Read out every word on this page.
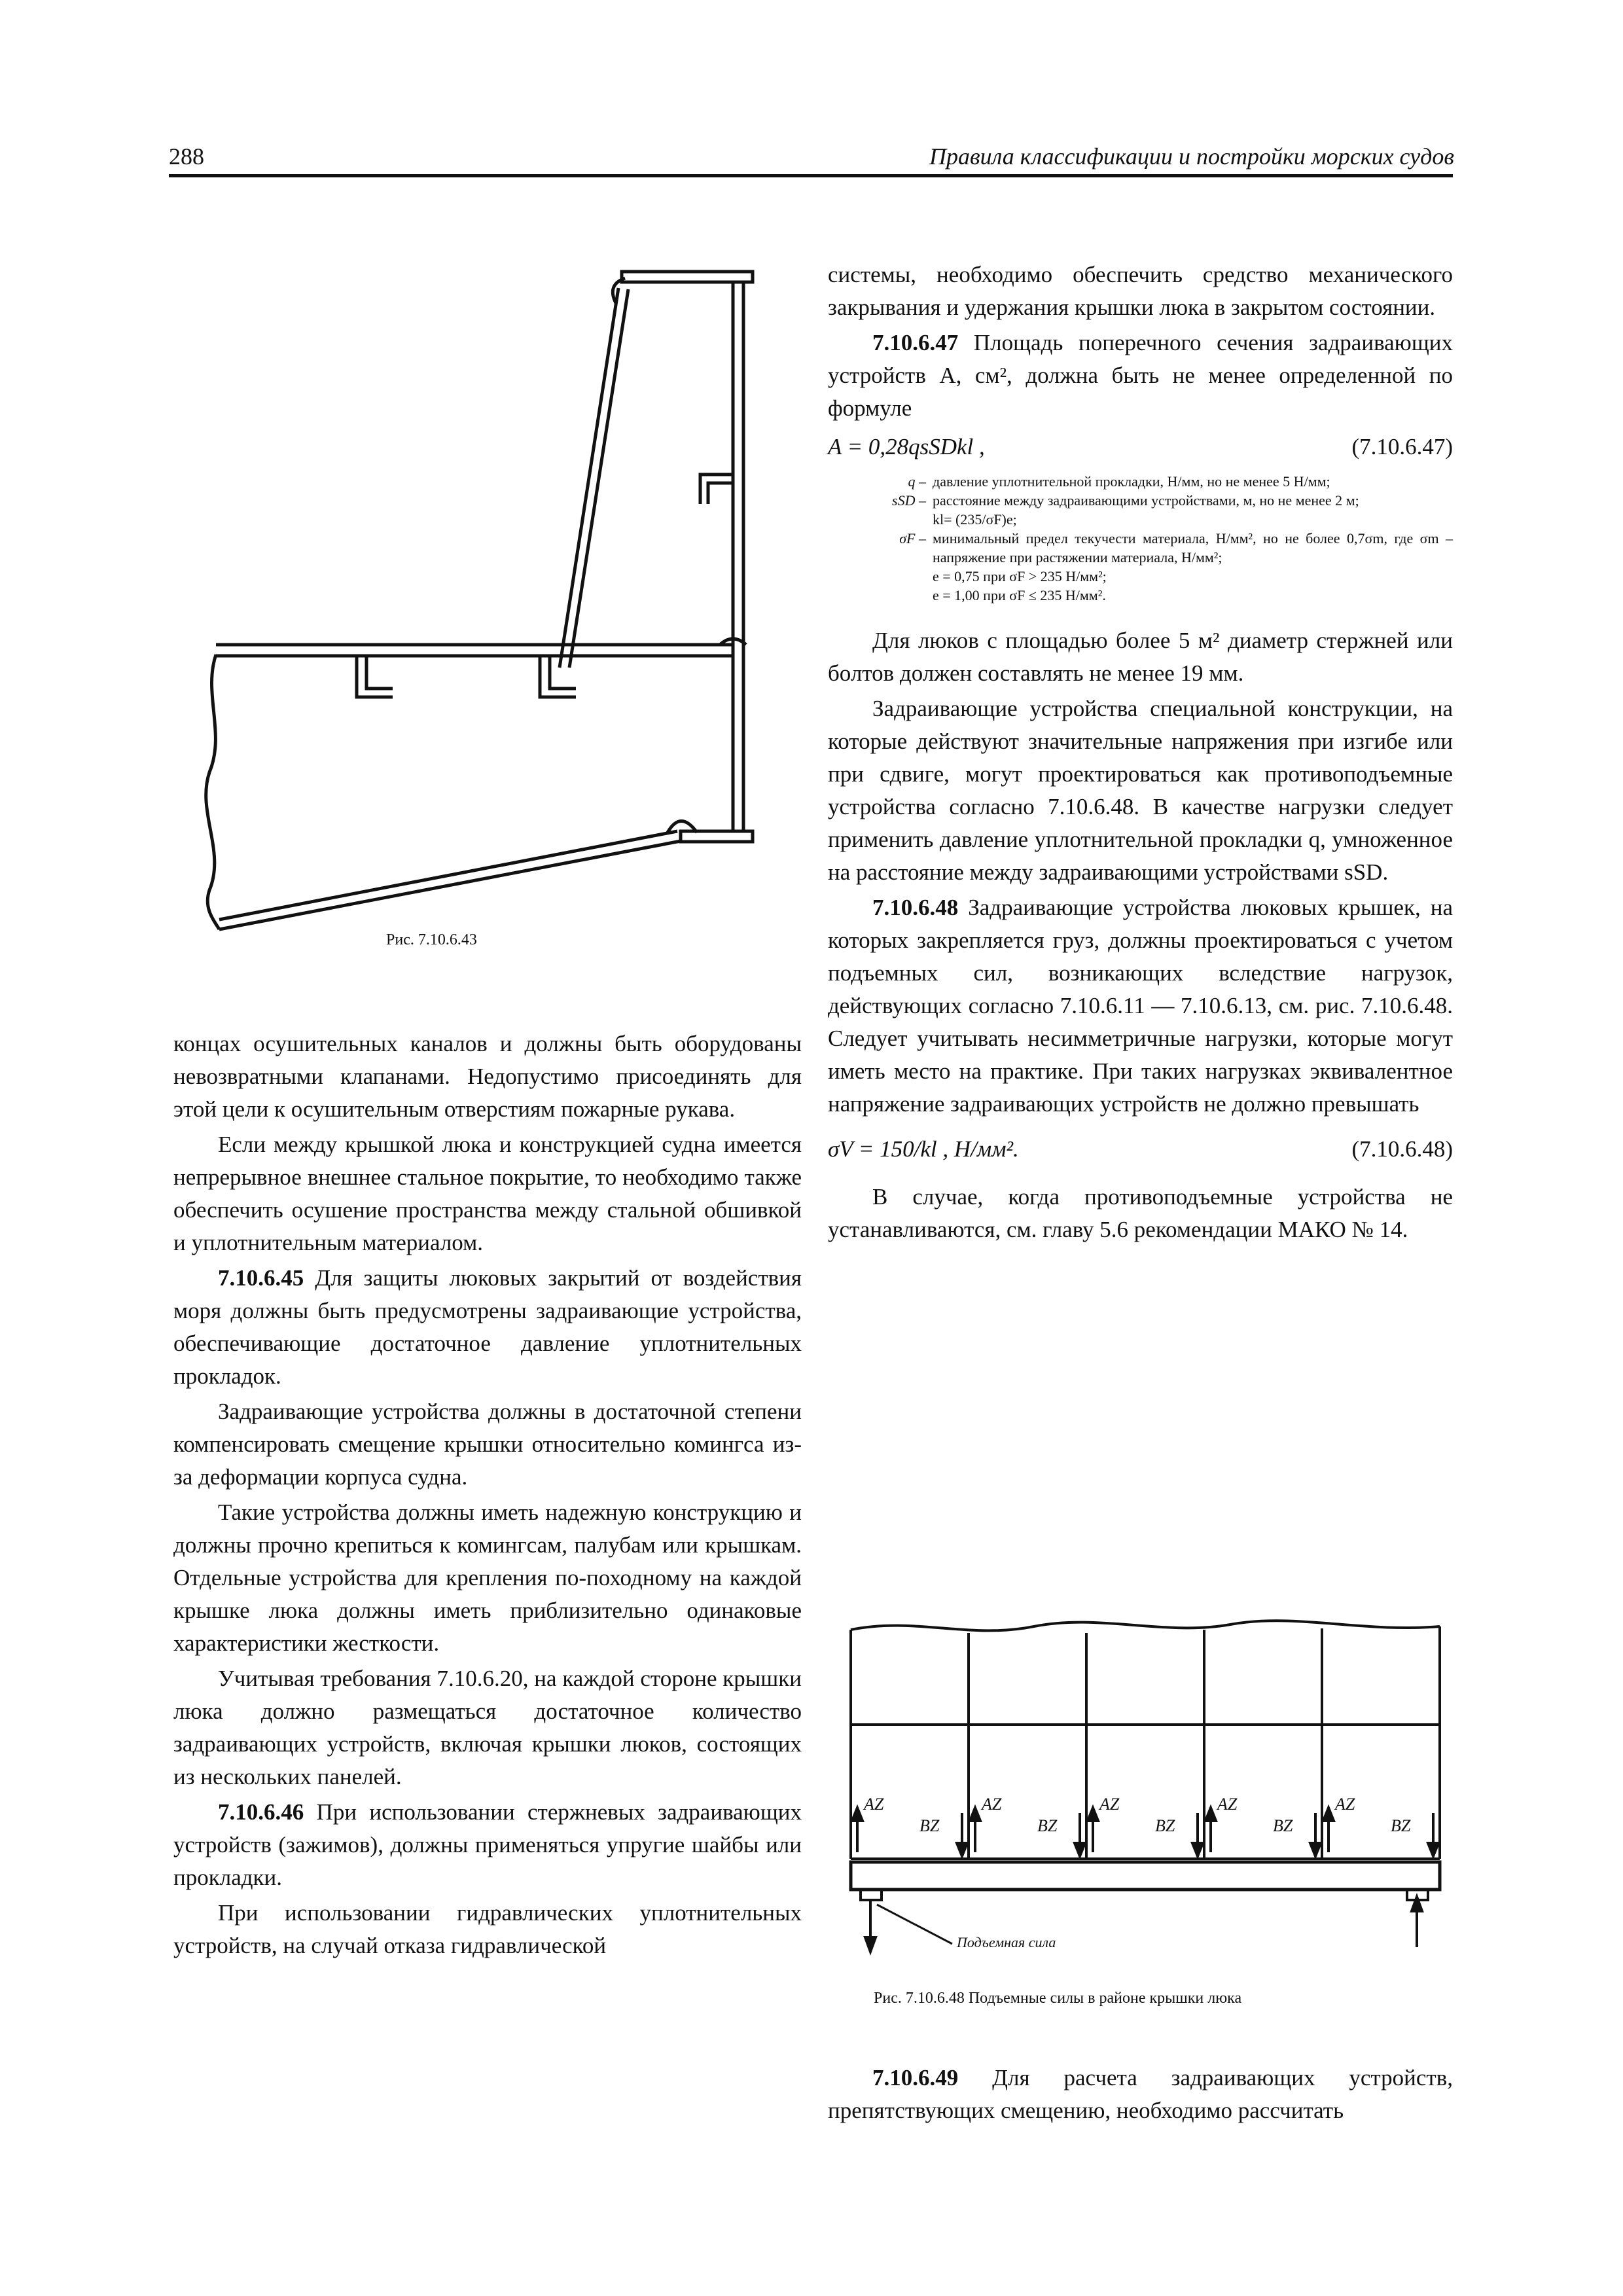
288	Правила классификации и постройки морских судов
Рис. 7.10.6.43

концах осушительных каналов и должны быть оборудованы невозвратными клапанами. Недопустимо присоединять для этой цели к осушительным отверстиям пожарные рукава.

Если между крышкой люка и конструкцией судна имеется непрерывное внешнее стальное покрытие, то необходимо также обеспечить осушение пространства между стальной обшивкой и уплотнительным материалом.

7.10.6.45 Для защиты люковых закрытий от воздействия моря должны быть предусмотрены задраивающие устройства, обеспечивающие достаточное давление уплотнительных прокладок.

Задраивающие устройства должны в достаточной степени компенсировать смещение крышки относительно комингса из-за деформации корпуса судна.

Такие устройства должны иметь надежную конструкцию и должны прочно крепиться к комингсам, палубам или крышкам. Отдельные устройства для крепления по-походному на каждой крышке люка должны иметь приблизительно одинаковые характеристики жесткости.

Учитывая требования 7.10.6.20, на каждой стороне крышки люка должно размещаться достаточное количество задраивающих устройств, включая крышки люков, состоящих из нескольких панелей.

7.10.6.46 При использовании стержневых задраивающих устройств (зажимов), должны применяться упругие шайбы или прокладки.

При использовании гидравлических уплотнительных устройств, на случай отказа гидравлической

системы, необходимо обеспечить средство механического закрывания и удержания крышки люка в закрытом состоянии.

7.10.6.47 Площадь поперечного сечения задраивающих устройств A, см², должна быть не менее определенной по формуле

A = 0,28qsSDkl ,	(7.10.6.47)
q – давление уплотнительной прокладки, Н/мм, но не менее 5 Н/мм;
sSD – расстояние между задраивающими устройствами, м, но не менее 2 м;
kl= (235/σF)e;
σF – минимальный предел текучести материала, Н/мм², но не более 0,7σm, где σm – напряжение при растяжении материала, Н/мм²;
e = 0,75 при σF > 235 Н/мм²;
e = 1,00 при σF ≤ 235 Н/мм².

Для люков с площадью более 5 м² диаметр стержней или болтов должен составлять не менее 19 мм.

Задраивающие устройства специальной конструкции, на которые действуют значительные напряжения при изгибе или при сдвиге, могут проектироваться как противоподъемные устройства согласно 7.10.6.48. В качестве нагрузки следует применить давление уплотнительной прокладки q, умноженное на расстояние между задраивающими устройствами sSD.

7.10.6.48 Задраивающие устройства люковых крышек, на которых закрепляется груз, должны проектироваться с учетом подъемных сил, возникающих вследствие нагрузок, действующих согласно 7.10.6.11 — 7.10.6.13, см. рис. 7.10.6.48. Следует учитывать несимметричные нагрузки, которые могут иметь место на практике. При таких нагрузках эквивалентное напряжение задраивающих устройств не должно превышать

σV = 150/kl , Н/мм².	(7.10.6.48)

В случае, когда противоподъемные устройства не устанавливаются, см. главу 5.6 рекомендации МАКО № 14.

AZ
BZ
AZ
BZ
AZ
BZ
AZ
BZ
AZ
BZ
Подъемная сила
Рис. 7.10.6.48 Подъемные силы в районе крышки люка

7.10.6.49 Для расчета задраивающих устройств, препятствующих смещению, необходимо рассчитать
